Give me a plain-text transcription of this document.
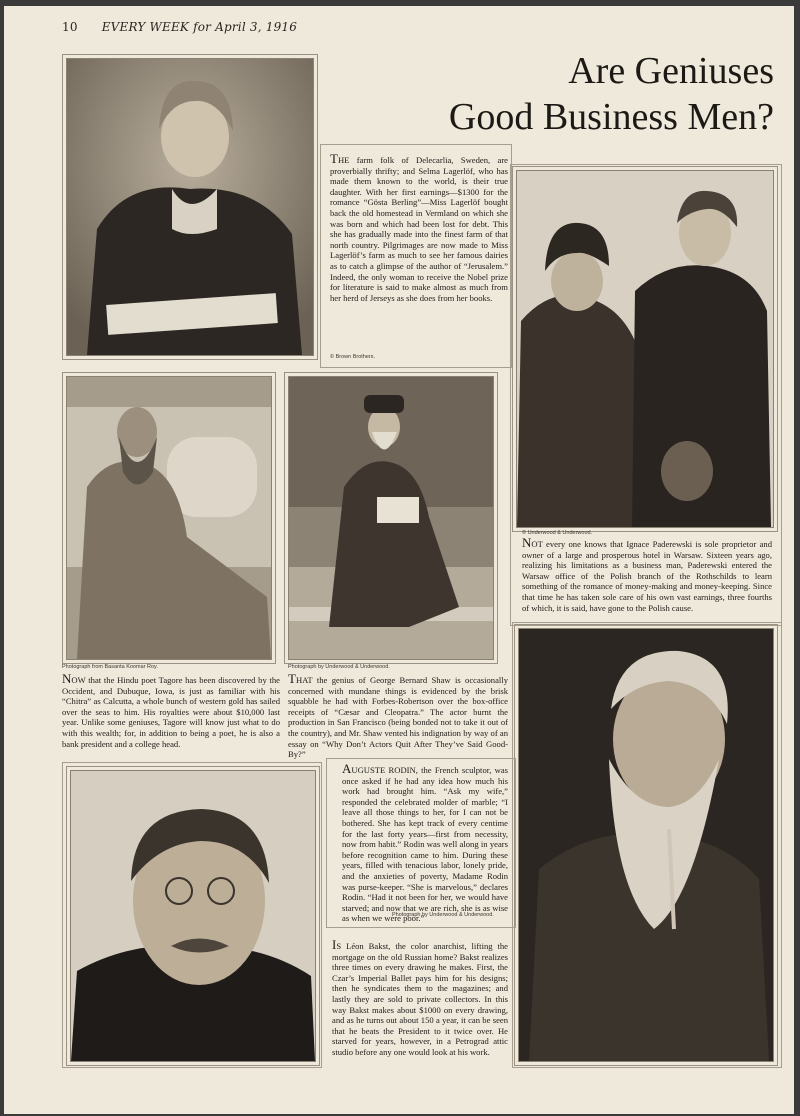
10 EVERY WEEK for April 3, 1916
Are Geniuses
Good Business Men?
THE farm folk of Delecarlia, Sweden, are proverbially thrifty; and Selma Lagerlöf, who has made them known to the world, is their true daughter. With her first earnings—$1300 for the romance “Gösta Berling”—Miss Lagerlöf bought back the old homestead in Vermland on which she was born and which had been lost for debt. This she has gradually made into the finest farm of that north country. Pilgrimages are now made to Miss Lagerlöf’s farm as much to see her famous dairies as to catch a glimpse of the author of “Jerusalem.” Indeed, the only woman to receive the Nobel prize for literature is said to make almost as much from her herd of Jerseys as she does from her books.
© Brown Brothers.
© Underwood & Underwood.
NOT every one knows that Ignace Paderewski is sole proprietor and owner of a large and prosperous hotel in Warsaw. Sixteen years ago, realizing his limitations as a business man, Paderewski entered the Warsaw office of the Polish branch of the Rothschilds to learn something of the romance of money-making and money-keeping. Since that time he has taken sole care of his own vast earnings, three fourths of which, it is said, have gone to the Polish cause.
Photograph from Basanta Koomar Roy.
NOW that the Hindu poet Tagore has been discovered by the Occident, and Dubuque, Iowa, is just as familiar with his “Chitra” as Calcutta, a whole bunch of western gold has sailed over the seas to him. His royalties were about $10,000 last year. Unlike some geniuses, Tagore will know just what to do with this wealth; for, in addition to being a poet, he is also a bank president and a college head.
Photograph by Underwood & Underwood.
THAT the genius of George Bernard Shaw is occasionally concerned with mundane things is evidenced by the brisk squabble he had with Forbes-Robertson over the box-office receipts of “Cæsar and Cleopatra.” The actor burnt the production in San Francisco (being bonded not to take it out of the country), and Mr. Shaw vented his indignation by way of an essay on “Why Don’t Actors Quit After They’ve Said Good-By?”
AUGUSTE RODIN, the French sculptor, was once asked if he had any idea how much his work had brought him. “Ask my wife,” responded the celebrated molder of marble; “I leave all those things to her, for I can not be bothered. She has kept track of every centime for the last forty years—first from necessity, now from habit.” Rodin was well along in years before recognition came to him. During these years, filled with tenacious labor, lonely pride, and the anxieties of poverty, Madame Rodin was purse-keeper. “She is marvelous,” declares Rodin. “Had it not been for her, we would have starved; and now that we are rich, she is as wise as when we were poor.”
Photograph by Underwood & Underwood.
IS Léon Bakst, the color anarchist, lifting the mortgage on the old Russian home? Bakst realizes three times on every drawing he makes. First, the Czar’s Imperial Ballet pays him for his designs; then he syndicates them to the magazines; and lastly they are sold to private collectors. In this way Bakst makes about $1000 on every drawing, and as he turns out about 150 a year, it can be seen that he beats the President to it twice over. He starved for years, however, in a Petrograd attic studio before any one would look at his work.
